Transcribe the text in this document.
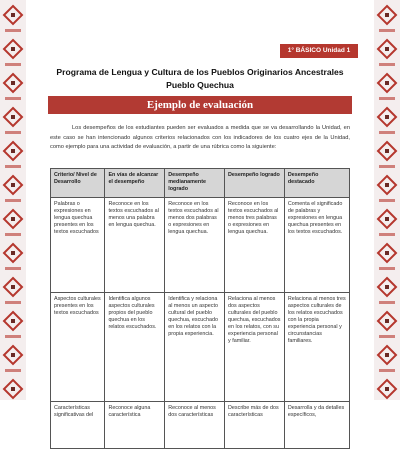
1° BÁSICO Unidad 1
Programa de Lengua y Cultura de los Pueblos Originarios Ancestrales
Pueblo Quechua
Ejemplo de evaluación

Los desempeños de los estudiantes pueden ser evaluados a medida que se va desarrollando la Unidad, en este caso se han intencionado algunos criterios relacionados con los indicadores de los cuatro ejes de la Unidad, como ejemplo para una actividad de evaluación, a partir de una rúbrica como la siguiente:

Criterio/ Nivel de Desarrollo	En vías de alcanzar el desempeño	Desempeño medianamente logrado	Desempeño logrado	Desempeño destacado
Palabras o expresiones en lengua quechua presentes en los textos escuchados	Reconoce en los textos escuchados al menos una palabra en lengua quechua.	Reconoce en los textos escuchados al menos dos palabras o expresiones en lengua quechua.	Reconoce en los textos escuchados al menos tres palabras o expresiones en lengua quechua.	Comenta el significado de palabras y expresiones en lengua quechua presentes en los textos escuchados.
Aspectos culturales presentes en los textos escuchados	Identifica algunos aspectos culturales propios del pueblo quechua en los relatos escuchados.	Identifica y relaciona al menos un aspecto cultural del pueblo quechua, escuchado en los relatos con la propia experiencia.	Relaciona al menos dos aspectos culturales del pueblo quechua, escuchados en los relatos, con su experiencia personal y familiar.	Relaciona al menos tres aspectos culturales de los relatos escuchados con la propia experiencia personal y circunstancias familiares.
Características significativas del	Reconoce alguna característica	Reconoce al menos dos características	Describe más de dos características	Desarrolla y da detalles específicos,
